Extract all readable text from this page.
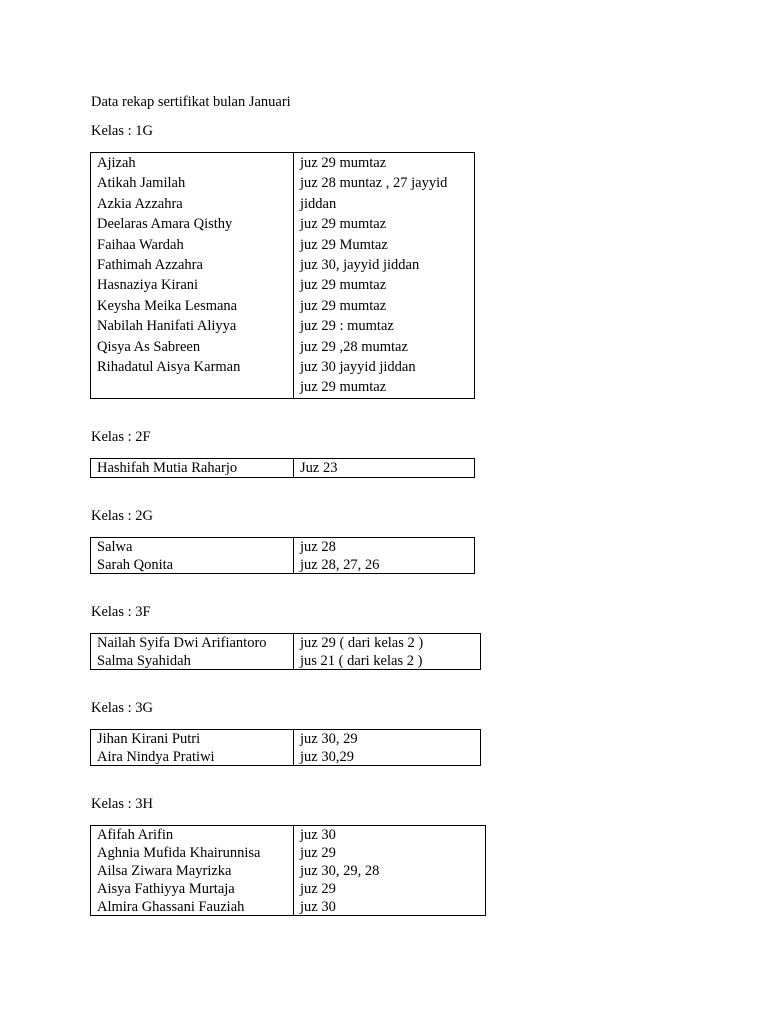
Data rekap sertifikat bulan Januari
Kelas : 1G
Ajizah
Atikah Jamilah
Azkia Azzahra
Deelaras Amara Qisthy
Faihaa Wardah
Fathimah Azzahra
Hasnaziya Kirani
Keysha Meika Lesmana
Nabilah Hanifati Aliyya
Qisya As Sabreen
Rihadatul Aisya Karman
juz 29 mumtaz
juz 28 muntaz , 27 jayyid
jiddan
juz 29 mumtaz
juz 29 Mumtaz
juz 30, jayyid jiddan
juz 29 mumtaz
juz 29 mumtaz
juz 29 : mumtaz
juz 29 ,28 mumtaz
juz 30 jayyid jiddan
juz 29 mumtaz
Kelas : 2F
Hashifah Mutia Raharjo	Juz 23
Kelas : 2G
Salwa
Sarah Qonita
juz 28
juz 28, 27, 26
Kelas : 3F
Nailah Syifa Dwi Arifiantoro
Salma Syahidah
juz 29 ( dari kelas 2 )
jus 21 ( dari kelas 2 )
Kelas : 3G
Jihan Kirani Putri
Aira Nindya Pratiwi
juz 30, 29
juz 30,29
Kelas : 3H
Afifah Arifin
Aghnia Mufida Khairunnisa
Ailsa Ziwara Mayrizka
Aisya Fathiyya Murtaja
Almira Ghassani Fauziah
juz 30
juz 29
juz 30, 29, 28
juz 29
juz 30
